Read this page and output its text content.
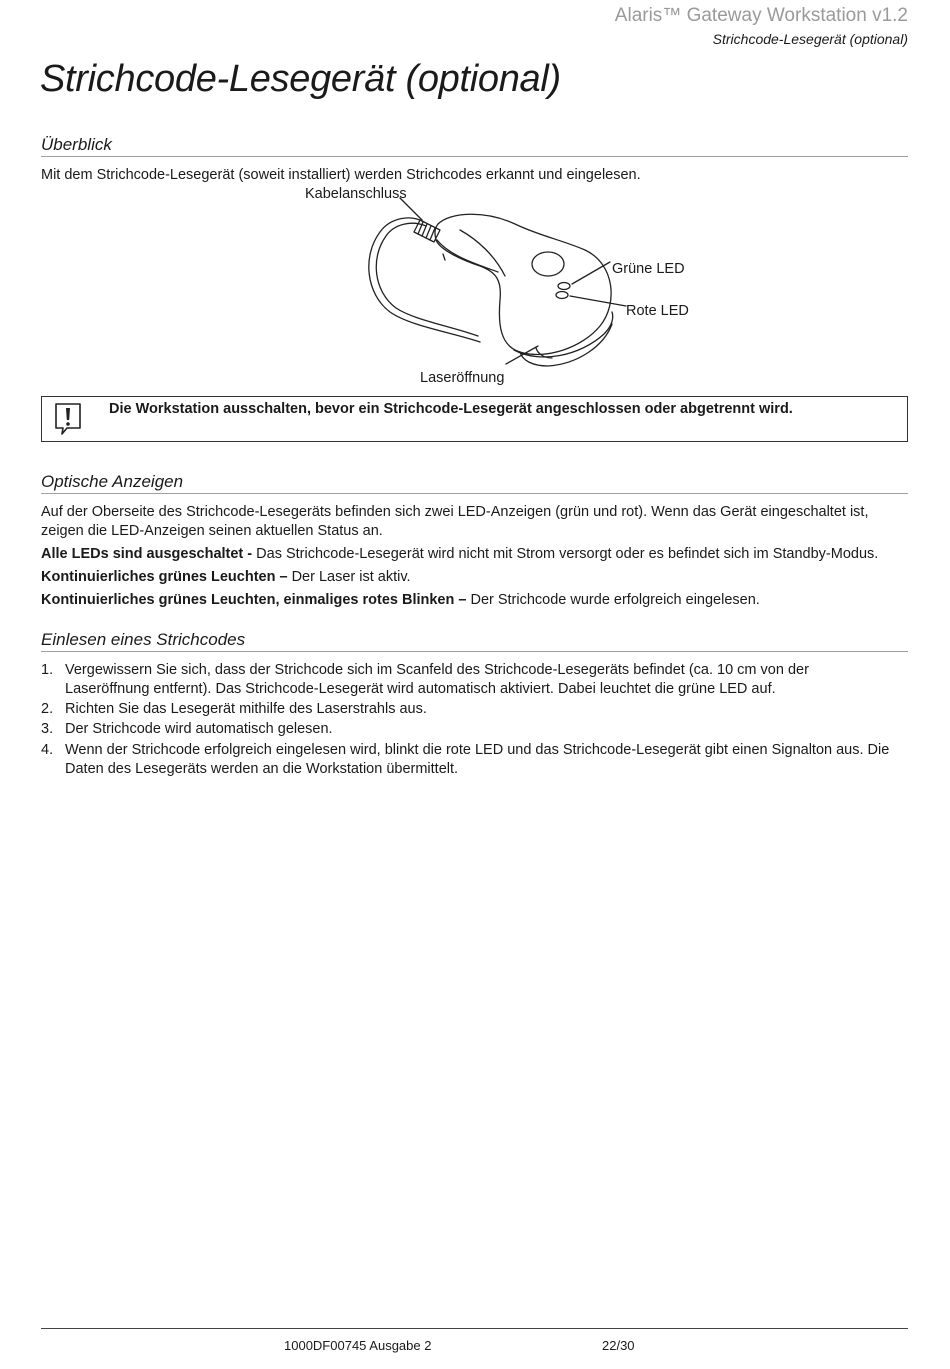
Alaris™ Gateway Workstation v1.2
Strichcode-Lesegerät (optional)
Strichcode-Lesegerät (optional)
Überblick

Mit dem Strichcode-Lesegerät (soweit installiert) werden Strichcodes erkannt und eingelesen.

Kabelanschluss
Grüne LED
Rote LED
Laseröffnung
Die Workstation ausschalten, bevor ein Strichcode-Lesegerät angeschlossen oder abgetrennt wird.
Optische Anzeigen

Auf der Oberseite des Strichcode-Lesegeräts befinden sich zwei LED-Anzeigen (grün und rot). Wenn das Gerät eingeschaltet ist, zeigen die LED-Anzeigen seinen aktuellen Status an.

Alle LEDs sind ausgeschaltet - Das Strichcode-Lesegerät wird nicht mit Strom versorgt oder es befindet sich im Standby-Modus.

Kontinuierliches grünes Leuchten – Der Laser ist aktiv.

Kontinuierliches grünes Leuchten, einmaliges rotes Blinken – Der Strichcode wurde erfolgreich eingelesen.

Einlesen eines Strichcodes
1. Vergewissern Sie sich, dass der Strichcode sich im Scanfeld des Strichcode-Lesegeräts befindet (ca. 10 cm von der Laseröffnung entfernt). Das Strichcode-Lesegerät wird automatisch aktiviert. Dabei leuchtet die grüne LED auf.
2. Richten Sie das Lesegerät mithilfe des Laserstrahls aus.
3. Der Strichcode wird automatisch gelesen.
4. Wenn der Strichcode erfolgreich eingelesen wird, blinkt die rote LED und das Strichcode-Lesegerät gibt einen Signalton aus. Die Daten des Lesegeräts werden an die Workstation übermittelt.
1000DF00745 Ausgabe 2	22/30
